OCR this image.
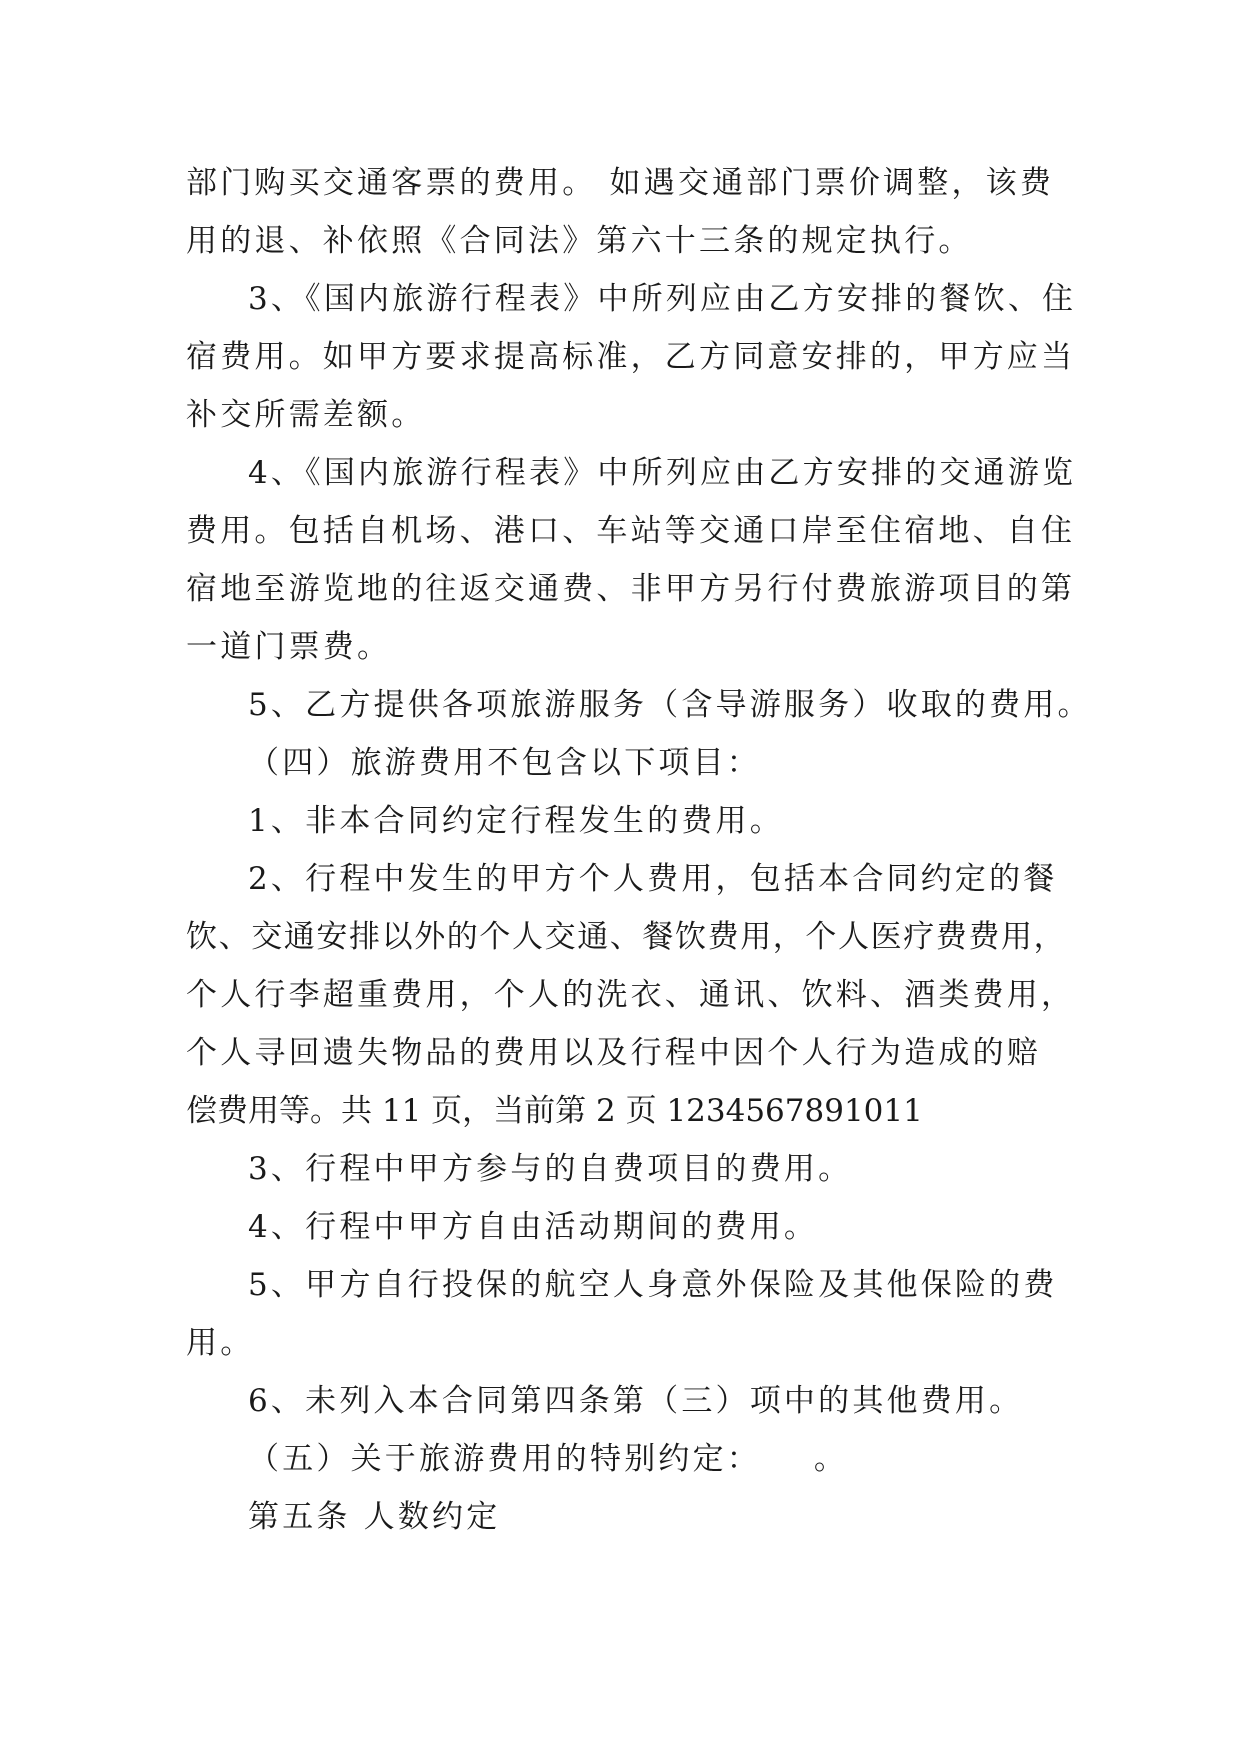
部门购买交通客票的费用。 如遇交通部门票价调整，该费
用的退、补依照《合同法》第六十三条的规定执行。
3、《国内旅游行程表》中所列应由乙方安排的餐饮、住
宿费用。如甲方要求提高标准，乙方同意安排的，甲方应当
补交所需差额。
4、《国内旅游行程表》中所列应由乙方安排的交通游览
费用。包括自机场、港口、车站等交通口岸至住宿地、自住
宿地至游览地的往返交通费、非甲方另行付费旅游项目的第
一道门票费。
5、乙方提供各项旅游服务（含导游服务）收取的费用。
（四）旅游费用不包含以下项目：
1、非本合同约定行程发生的费用。
2、行程中发生的甲方个人费用，包括本合同约定的餐
饮、交通安排以外的个人交通、餐饮费用，个人医疗费费用，
个人行李超重费用，个人的洗衣、通讯、饮料、酒类费用，
个人寻回遗失物品的费用以及行程中因个人行为造成的赔
偿费用等。共 11 页，当前第 2 页 1234567891011
3、行程中甲方参与的自费项目的费用。
4、行程中甲方自由活动期间的费用。
5、甲方自行投保的航空人身意外保险及其他保险的费
用。
6、未列入本合同第四条第（三）项中的其他费用。
（五）关于旅游费用的特别约定：　　。
第五条 人数约定
